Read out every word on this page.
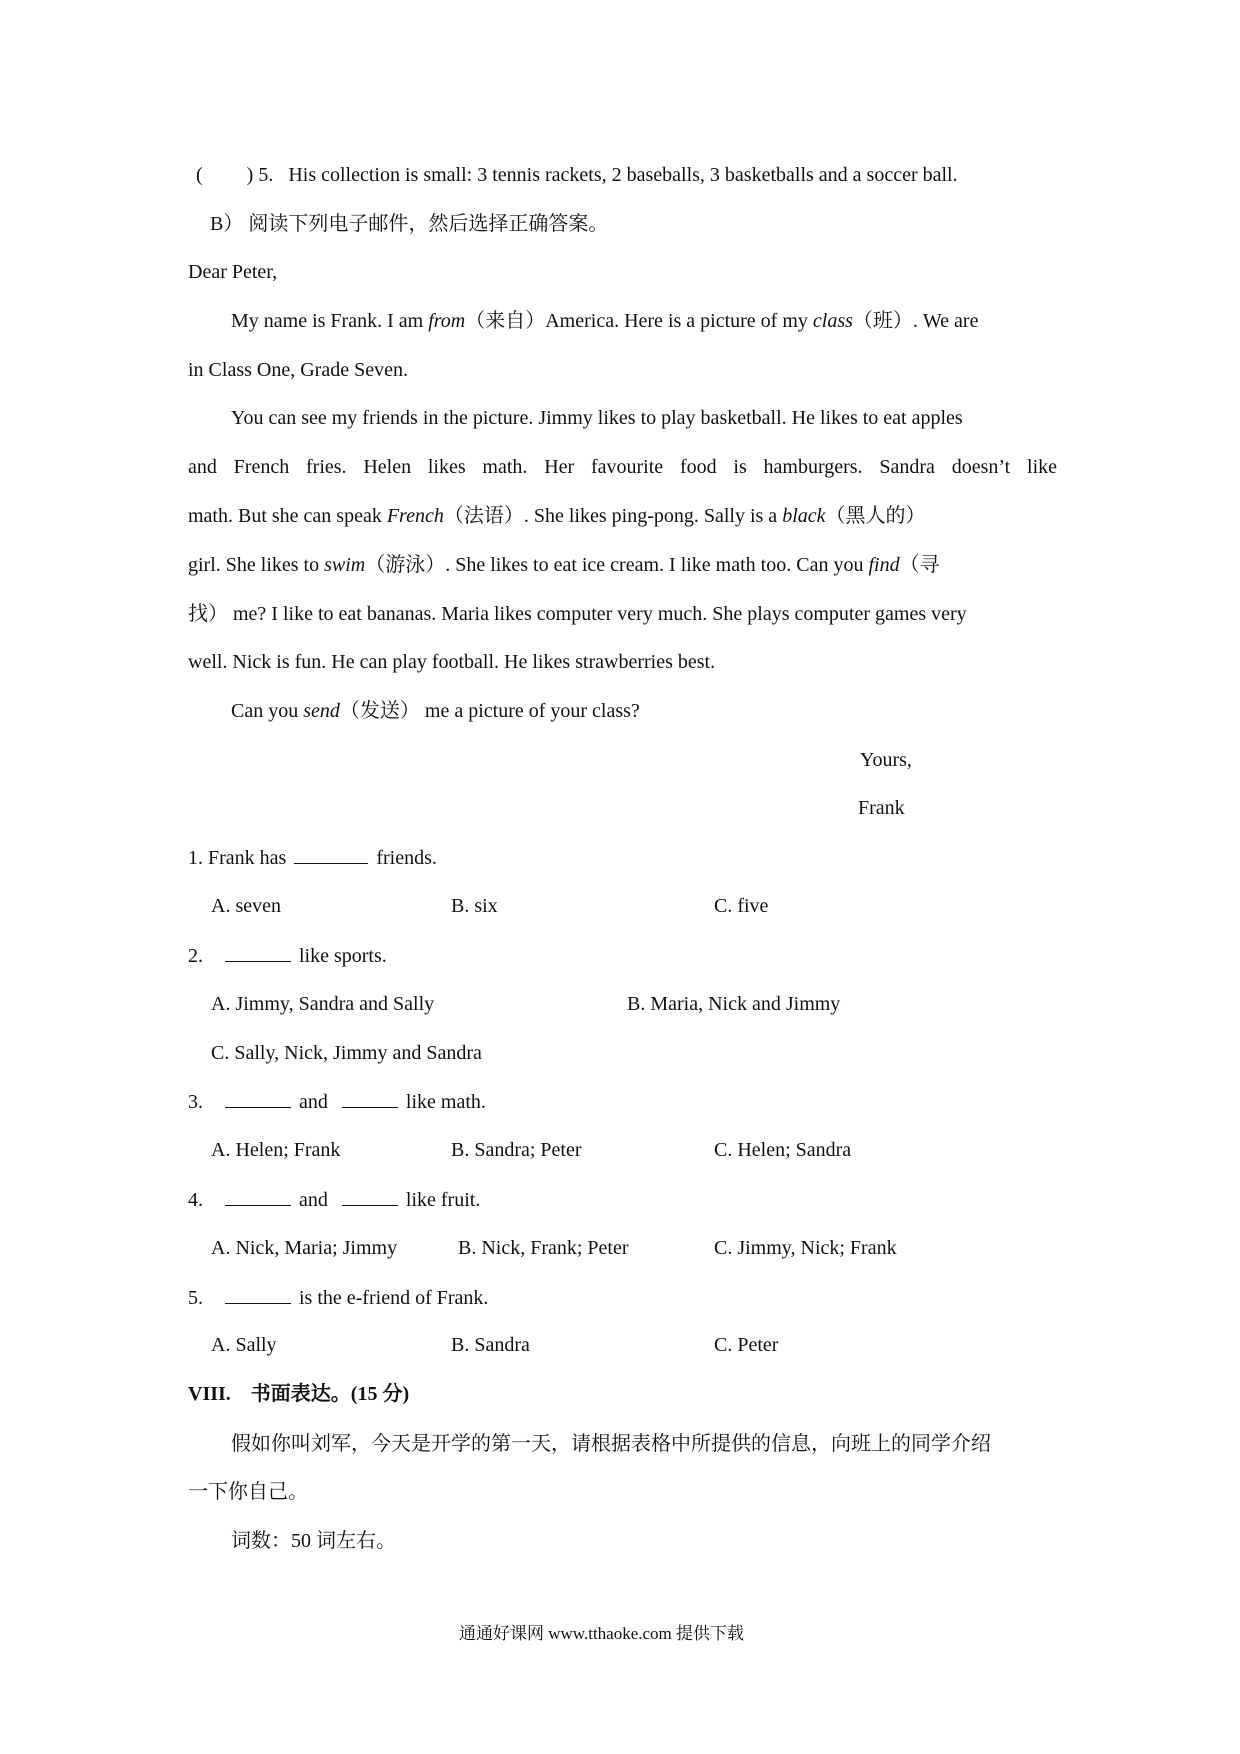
( ) 5. His collection is small: 3 tennis rackets, 2 baseballs, 3 basketballs and a soccer ball.
B） 阅读下列电子邮件，然后选择正确答案。
Dear Peter,
My name is Frank. I am from（来自）America. Here is a picture of my class（班）. We are
in Class One, Grade Seven.
You can see my friends in the picture. Jimmy likes to play basketball. He likes to eat apples
and French fries. Helen likes math. Her favourite food is hamburgers. Sandra doesn’t like
math. But she can speak French（法语）. She likes ping-pong. Sally is a black（黑人的）
girl. She likes to swim（游泳）. She likes to eat ice cream. I like math too. Can you find（寻
找） me? I like to eat bananas. Maria likes computer very much. She plays computer games very
well. Nick is fun. He can play football. He likes strawberries best.
Can you send（发送） me a picture of your class?
Yours,
Frank
1. Frank has	friends.
A. seven	B. six	C. five
2.	like sports.
A. Jimmy, Sandra and Sally	B. Maria, Nick and Jimmy
C. Sally, Nick, Jimmy and Sandra
3.	and	like math.
A. Helen; Frank	B. Sandra; Peter	C. Helen; Sandra
4.	and	like fruit.
A. Nick, Maria; Jimmy	B. Nick, Frank; Peter	C. Jimmy, Nick; Frank
5.	is the e-friend of Frank.
A. Sally	B. Sandra	C. Peter
VIII. 书面表达。(15 分)
假如你叫刘军，今天是开学的第一天，请根据表格中所提供的信息，向班上的同学介绍
一下你自己。
词数：50 词左右。
通通好课网 www.tthaoke.com 提供下载
